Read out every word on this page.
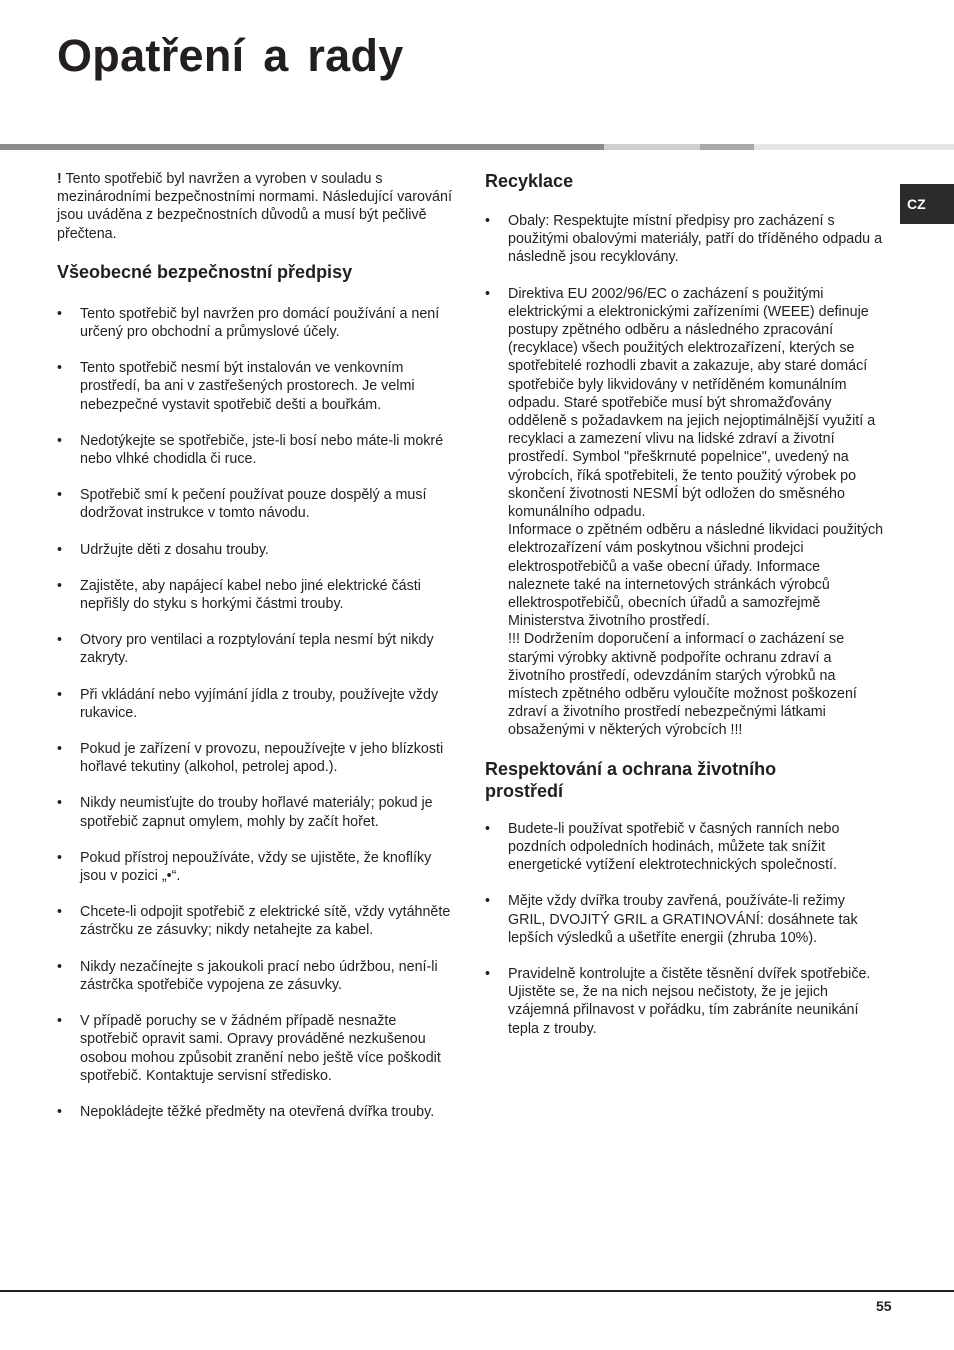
Opatření a rady
CZ

! Tento spotřebič byl navržen a vyroben v souladu s mezinárodními bezpečnostními normami. Následující varování jsou uváděna z bezpečnostních důvodů a musí být pečlivě přečtena.

Všeobecné bezpečnostní předpisy
• Tento spotřebič byl navržen pro domácí používání a není určený pro obchodní a průmyslové účely.
• Tento spotřebič nesmí být instalován ve venkovním prostředí, ba ani v zastřešených prostorech. Je velmi nebezpečné vystavit spotřebič dešti a bouřkám.
• Nedotýkejte se spotřebiče, jste-li bosí nebo máte-li mokré nebo vlhké chodidla či ruce.
• Spotřebič smí k pečení používat pouze dospělý a musí dodržovat instrukce v tomto návodu.
• Udržujte děti z dosahu trouby.
• Zajistěte, aby napájecí kabel nebo jiné elektrické části nepřišly do styku s horkými částmi trouby.
• Otvory pro ventilaci a rozptylování tepla nesmí být nikdy zakryty.
• Při vkládání nebo vyjímání jídla z trouby, používejte vždy rukavice.
• Pokud je zařízení v provozu, nepoužívejte v jeho blízkosti hořlavé tekutiny (alkohol, petrolej apod.).
• Nikdy neumisťujte do trouby hořlavé materiály; pokud je spotřebič zapnut omylem, mohly by začít hořet.
• Pokud přístroj nepoužíváte, vždy se ujistěte, že knoflíky jsou v pozici „•“.
• Chcete-li odpojit spotřebič z elektrické sítě, vždy vytáhněte zástrčku ze zásuvky; nikdy netahejte za kabel.
• Nikdy nezačínejte s jakoukoli prací nebo údržbou, není-li zástrčka spotřebiče vypojena ze zásuvky.
• V případě poruchy se v žádném případě nesnažte spotřebič opravit sami. Opravy prováděné nezkušenou osobou mohou způsobit zranění nebo ještě více poškodit spotřebič. Kontaktuje servisní středisko.
• Nepokládejte těžké předměty na otevřená dvířka trouby.
Recyklace
• Obaly: Respektujte místní předpisy pro zacházení s použitými obalovými materiály, patří do tříděného odpadu a následně jsou recyklovány.
• Direktiva EU 2002/96/EC o zacházení s použitými elektrickými a elektronickými zařízeními (WEEE) definuje postupy zpětného odběru a následného zpracování (recyklace) všech použitých elektrozařízení, kterých se spotřebitelé rozhodli zbavit a zakazuje, aby staré domácí spotřebiče byly likvidovány v netříděném komunálním odpadu. Staré spotřebiče musí být shromažďovány odděleně s požadavkem na jejich nejoptimálnější využití a recyklaci a zamezení vlivu na lidské zdraví a životní prostředí. Symbol "přeškrnuté popelnice", uvedený na výrobcích, říká spotřebiteli, že tento použitý výrobek po skončení životnosti NESMÍ být odložen do směsného komunálního odpadu.
Informace o zpětném odběru a následné likvidaci použitých elektrozařízení vám poskytnou všichni prodejci elektrospotřebičů a vaše obecní úřady. Informace naleznete také na internetových stránkách výrobců ellektrospotřebičů, obecních úřadů a samozřejmě Ministerstva životního prostředí.
!!! Dodržením doporučení a informací o zacházení se starými výrobky aktivně podpoříte ochranu zdraví a životního prostředí, odevzdáním starých výrobků na místech zpětného odběru vyloučíte možnost poškození zdraví a životního prostředí nebezpečnými látkami obsaženými v některých výrobcích !!!
Respektování a ochrana životního prostředí
• Budete-li používat spotřebič v časných ranních nebo pozdních odpoledních hodinách, můžete tak snížit energetické vytížení elektrotechnických společností.
• Mějte vždy dvířka trouby zavřená, používáte-li režimy GRIL, DVOJITÝ GRIL a GRATINOVÁNÍ: dosáhnete tak lepších výsledků a ušetříte energii (zhruba 10%).
• Pravidelně kontrolujte a čistěte těsnění dvířek spotřebiče. Ujistěte se, že na nich nejsou nečistoty, že je jejich vzájemná přilnavost v pořádku, tím zabráníte neunikání tepla z trouby.
55
